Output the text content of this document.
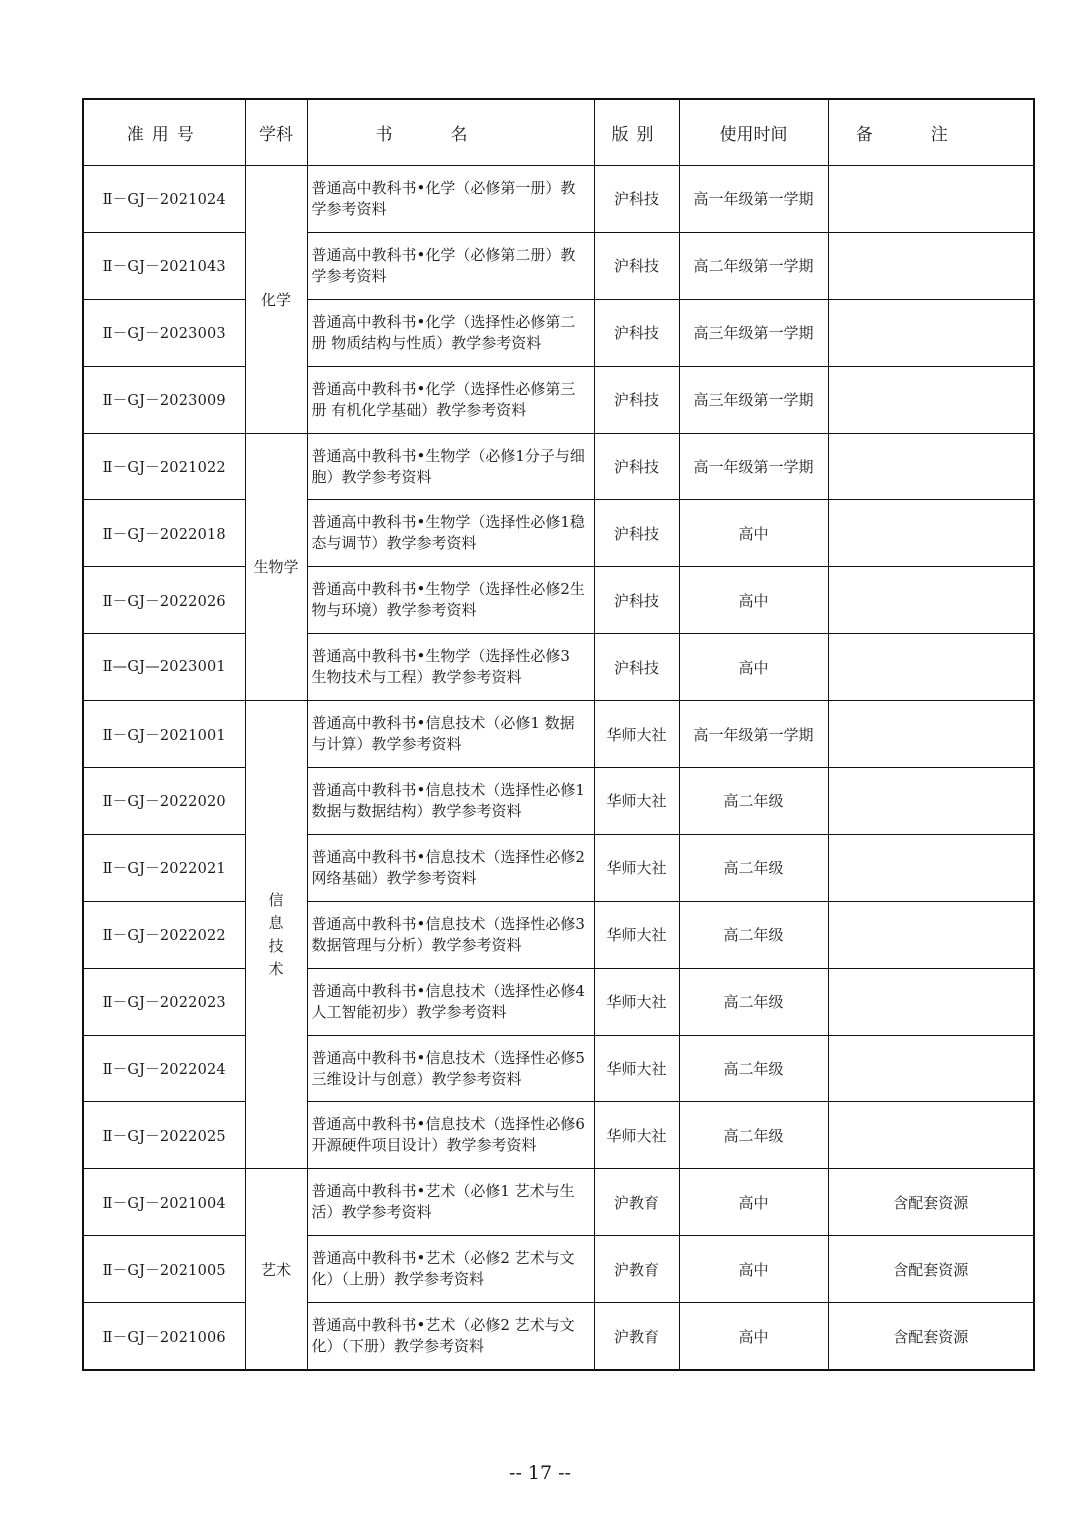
准用号	学科	书名	版别	使用时间	备注
Ⅱ－GJ－2021024	化学	普通高中教科书•化学（必修第一册）教学参考资料	沪科技	高一年级第一学期	
Ⅱ－GJ－2021043		普通高中教科书•化学（必修第二册）教学参考资料	沪科技	高二年级第一学期	
Ⅱ－GJ－2023003		普通高中教科书•化学（选择性必修第二册 物质结构与性质）教学参考资料	沪科技	高三年级第一学期	
Ⅱ－GJ－2023009		普通高中教科书•化学（选择性必修第三册 有机化学基础）教学参考资料	沪科技	高三年级第一学期	
Ⅱ－GJ－2021022	生物学	普通高中教科书•生物学（必修1分子与细胞）教学参考资料	沪科技	高一年级第一学期	
Ⅱ－GJ－2022018		普通高中教科书•生物学（选择性必修1稳态与调节）教学参考资料	沪科技	高中	
Ⅱ－GJ－2022026		普通高中教科书•生物学（选择性必修2生物与环境）教学参考资料	沪科技	高中	
Ⅱ—GJ—2023001		普通高中教科书•生物学（选择性必修3 生物技术与工程）教学参考资料	沪科技	高中	
Ⅱ－GJ－2021001	信息技术	普通高中教科书•信息技术（必修1 数据与计算）教学参考资料	华师大社	高一年级第一学期	
Ⅱ－GJ－2022020		普通高中教科书•信息技术（选择性必修1 数据与数据结构）教学参考资料	华师大社	高二年级	
Ⅱ－GJ－2022021		普通高中教科书•信息技术（选择性必修2 网络基础）教学参考资料	华师大社	高二年级	
Ⅱ－GJ－2022022		普通高中教科书•信息技术（选择性必修3 数据管理与分析）教学参考资料	华师大社	高二年级	
Ⅱ－GJ－2022023		普通高中教科书•信息技术（选择性必修4 人工智能初步）教学参考资料	华师大社	高二年级	
Ⅱ－GJ－2022024		普通高中教科书•信息技术（选择性必修5 三维设计与创意）教学参考资料	华师大社	高二年级	
Ⅱ－GJ－2022025		普通高中教科书•信息技术（选择性必修6 开源硬件项目设计）教学参考资料	华师大社	高二年级	
Ⅱ－GJ－2021004	艺术	普通高中教科书•艺术（必修1 艺术与生活）教学参考资料	沪教育	高中	含配套资源
Ⅱ－GJ－2021005		普通高中教科书•艺术（必修2 艺术与文化）（上册）教学参考资料	沪教育	高中	含配套资源
Ⅱ－GJ－2021006		普通高中教科书•艺术（必修2 艺术与文化）（下册）教学参考资料	沪教育	高中	含配套资源
-- 17 --
